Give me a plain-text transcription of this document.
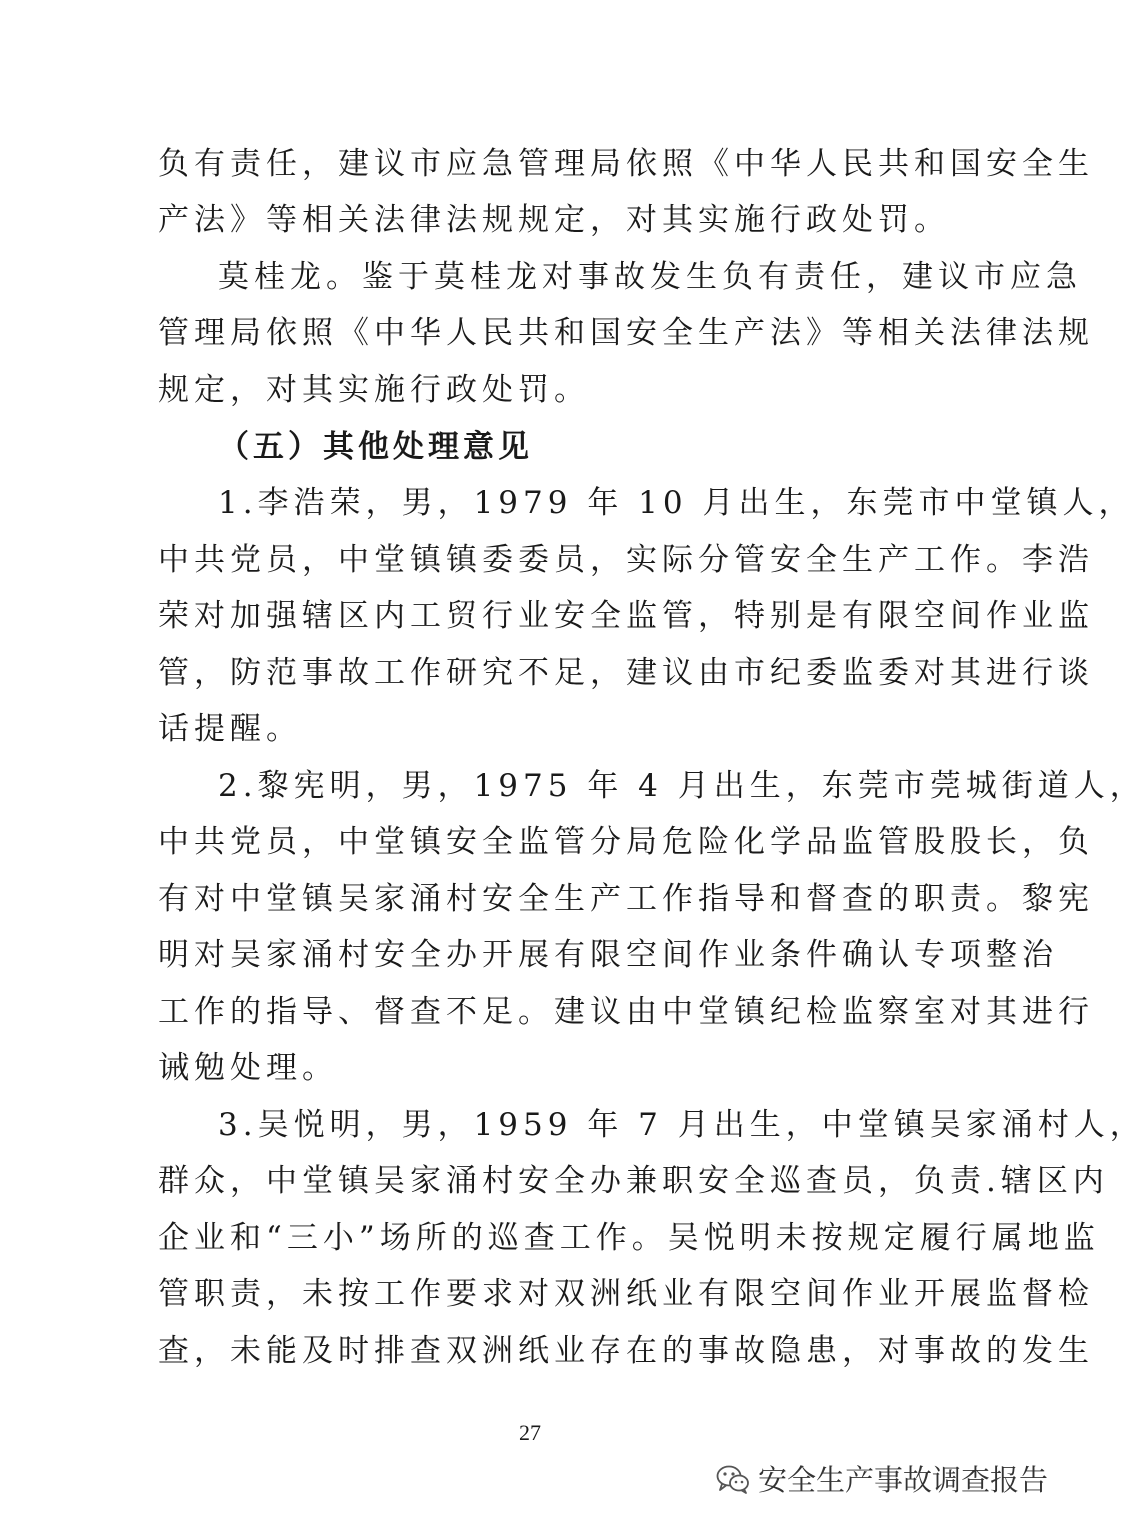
负有责任，建议市应急管理局依照《中华人民共和国安全生
产法》等相关法律法规规定，对其实施行政处罚。
莫桂龙。鉴于莫桂龙对事故发生负有责任，建议市应急
管理局依照《中华人民共和国安全生产法》等相关法律法规
规定，对其实施行政处罚。
（五）其他处理意见
1.李浩荣，男，1979 年 10 月出生，东莞市中堂镇人，
中共党员，中堂镇镇委委员，实际分管安全生产工作。李浩
荣对加强辖区内工贸行业安全监管，特别是有限空间作业监
管，防范事故工作研究不足，建议由市纪委监委对其进行谈
话提醒。
2.黎宪明，男，1975 年 4 月出生，东莞市莞城街道人，
中共党员，中堂镇安全监管分局危险化学品监管股股长，负
有对中堂镇吴家涌村安全生产工作指导和督查的职责。黎宪
明对吴家涌村安全办开展有限空间作业条件确认专项整治
工作的指导、督查不足。建议由中堂镇纪检监察室对其进行
诫勉处理。
3.吴悦明，男，1959 年 7 月出生，中堂镇吴家涌村人，
群众，中堂镇吴家涌村安全办兼职安全巡查员，负责.辖区内
企业和“三小”场所的巡查工作。吴悦明未按规定履行属地监
管职责，未按工作要求对双洲纸业有限空间作业开展监督检
查，未能及时排查双洲纸业存在的事故隐患，对事故的发生
27
安全生产事故调查报告
